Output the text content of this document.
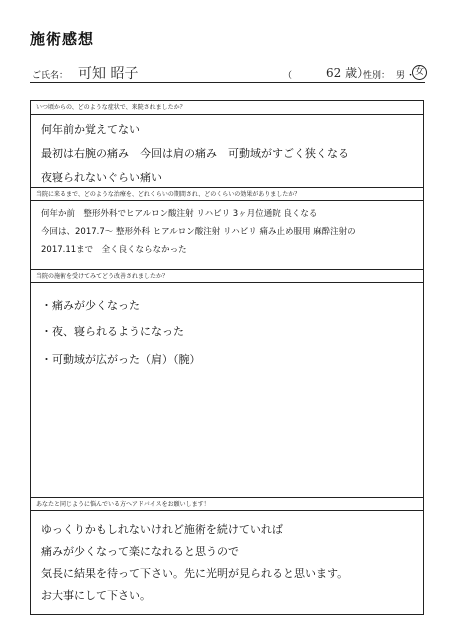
施術感想
ご氏名： 可知 昭子	（	62 歳）
性別： 男 ・ 女
いつ頃からの、どのような症状で、来院されましたか？
何年前か覚えてない
最初は右腕の痛み　今回は肩の痛み　可動域がすごく狭くなる
夜寝られないぐらい痛い
当院に来るまで、どのような治療を、どれくらいの期間され、どのくらいの効果がありましたか？
何年か前　整形外科でヒアルロン酸注射 リハビリ 3ヶ月位通院 良くなる
今回は、2017.7〜 整形外科 ヒアルロン酸注射 リハビリ 痛み止め服用 麻酔注射の
2017.11まで　全く良くならなかった
当院の施術を受けてみてどう改善されましたか？
・痛みが少くなった
・夜、寝られるようになった
・可動域が広がった（肩）（腕）
あなたと同じように悩んでいる方へアドバイスをお願いします！
ゆっくりかもしれないけれど施術を続けていれば
痛みが少くなって楽になれると思うので
気長に結果を待って下さい。先に光明が見られると思います。
お大事にして下さい。
